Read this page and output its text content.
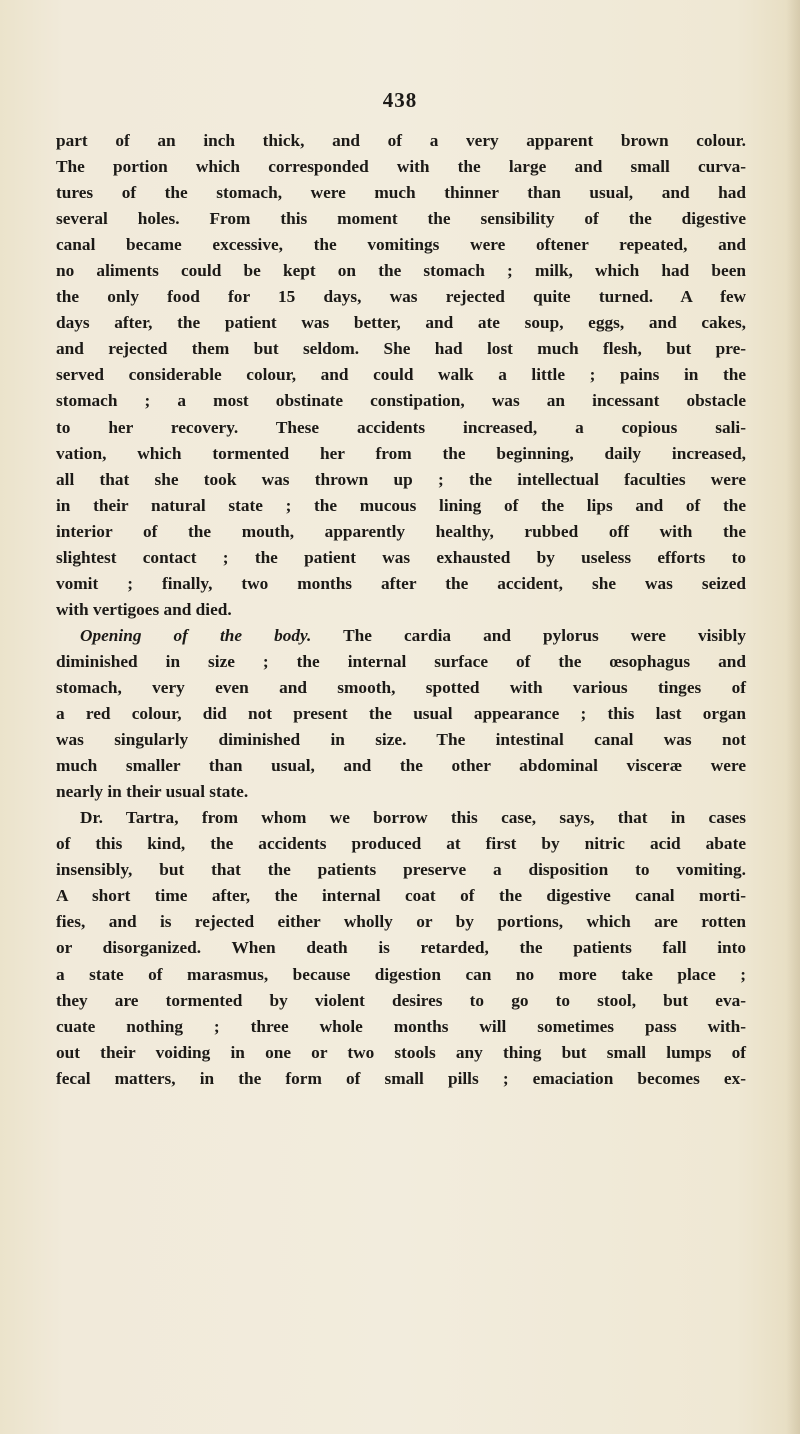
438
part of an inch thick, and of a very apparent brown colour.
The portion which corresponded with the large and small curva-
tures of the stomach, were much thinner than usual, and had
several holes. From this moment the sensibility of the digestive
canal became excessive, the vomitings were oftener repeated, and
no aliments could be kept on the stomach ; milk, which had been
the only food for 15 days, was rejected quite turned. A few
days after, the patient was better, and ate soup, eggs, and cakes,
and rejected them but seldom. She had lost much flesh, but pre-
served considerable colour, and could walk a little ; pains in the
stomach ; a most obstinate constipation, was an incessant obstacle
to her recovery. These accidents increased, a copious sali-
vation, which tormented her from the beginning, daily increased,
all that she took was thrown up ; the intellectual faculties were
in their natural state ; the mucous lining of the lips and of the
interior of the mouth, apparently healthy, rubbed off with the
slightest contact ; the patient was exhausted by useless efforts to
vomit ; finally, two months after the accident, she was seized
with vertigoes and died.
Opening of the body. The cardia and pylorus were visibly
diminished in size ; the internal surface of the œsophagus and
stomach, very even and smooth, spotted with various tinges of
a red colour, did not present the usual appearance ; this last organ
was singularly diminished in size. The intestinal canal was not
much smaller than usual, and the other abdominal visceræ were
nearly in their usual state.
Dr. Tartra, from whom we borrow this case, says, that in cases
of this kind, the accidents produced at first by nitric acid abate
insensibly, but that the patients preserve a disposition to vomiting.
A short time after, the internal coat of the digestive canal morti-
fies, and is rejected either wholly or by portions, which are rotten
or disorganized. When death is retarded, the patients fall into
a state of marasmus, because digestion can no more take place ;
they are tormented by violent desires to go to stool, but eva-
cuate nothing ; three whole months will sometimes pass with-
out their voiding in one or two stools any thing but small lumps of
fecal matters, in the form of small pills ; emaciation becomes ex-
